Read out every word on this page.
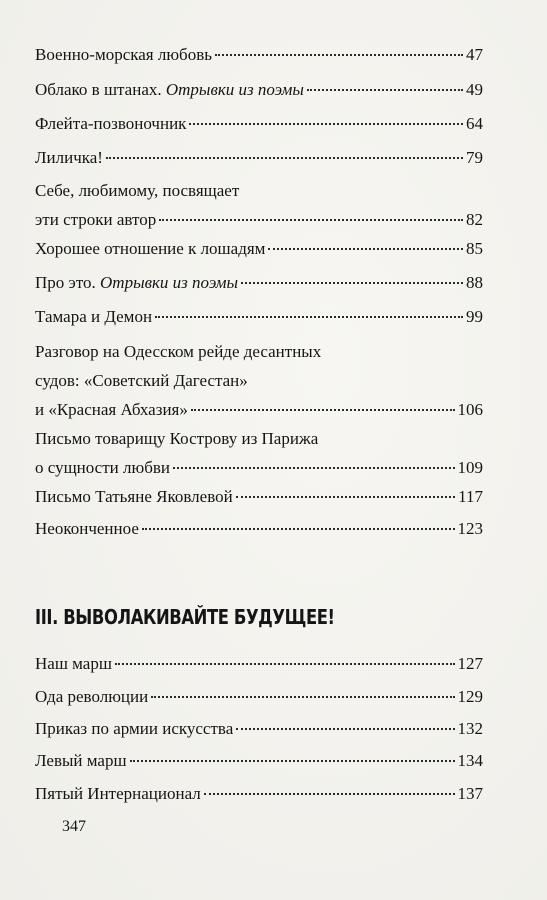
Военно-морская любовь	47
Облако в штанах. Отрывки из поэмы	49
Флейта-позвоночник	64
Лиличка!	79
Себе, любимому, посвящает
эти строки автор	82
Хорошее отношение к лошадям	85
Про это. Отрывки из поэмы	88
Тамара и Демон	99
Разговор на Одесском рейде десантных
судов: «Советский Дагестан»
и «Красная Абхазия»	106
Письмо товарищу Кострову из Парижа
о сущности любви	109
Письмо Татьяне Яковлевой	117
Неоконченное	123
III. ВЫВОЛАКИВАЙТЕ БУДУЩЕЕ!
Наш марш	127
Ода революции	129
Приказ по армии искусства	132
Левый марш	134
Пятый Интернационал	137
347
